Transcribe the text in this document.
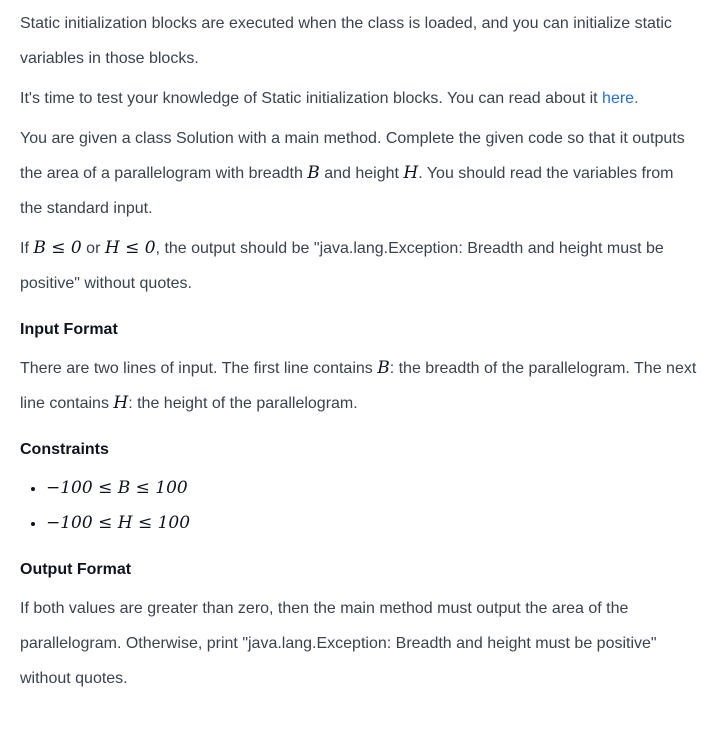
Static initialization blocks are executed when the class is loaded, and you can initialize static variables in those blocks.

It's time to test your knowledge of Static initialization blocks. You can read about it here.

You are given a class Solution with a main method. Complete the given code so that it outputs the area of a parallelogram with breadth B and height H. You should read the variables from the standard input.

If B ≤ 0 or H ≤ 0, the output should be "java.lang.Exception: Breadth and height must be positive" without quotes.

Input Format

There are two lines of input. The first line contains B: the breadth of the parallelogram. The next line contains H: the height of the parallelogram.

Constraints
• −100 ≤ B ≤ 100
• −100 ≤ H ≤ 100
Output Format

If both values are greater than zero, then the main method must output the area of the parallelogram. Otherwise, print "java.lang.Exception: Breadth and height must be positive" without quotes.
